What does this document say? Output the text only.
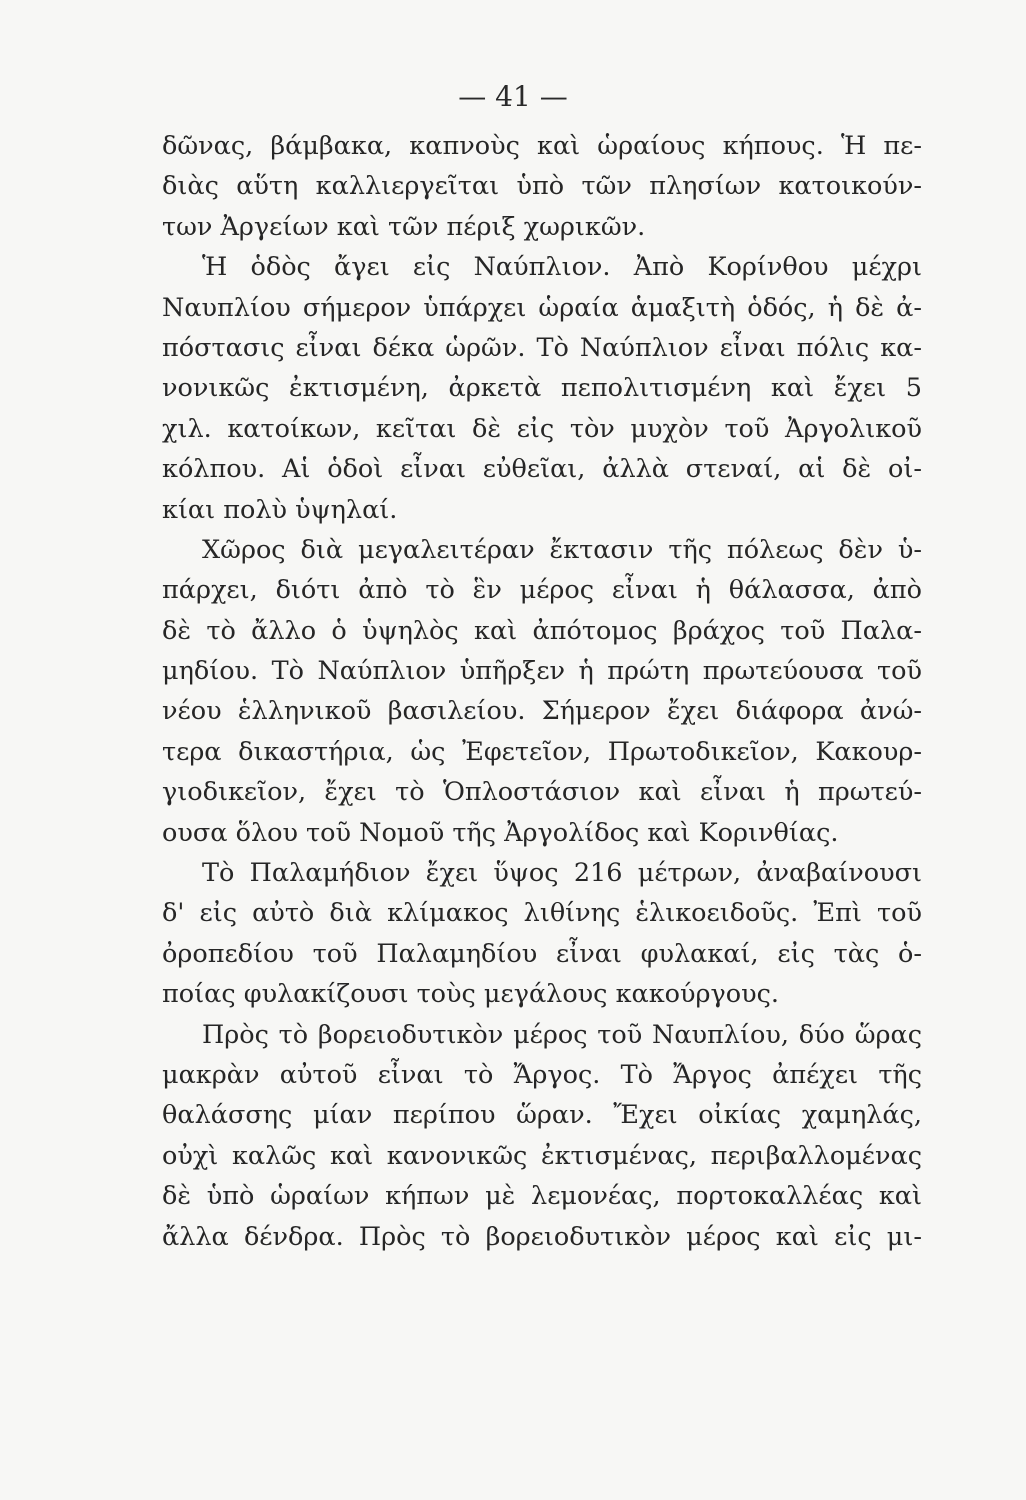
— 41 —
δῶνας, βάμβακα, καπνοὺς καὶ ὡραίους κήπους. Ἡ πε-
διὰς αὕτη καλλιεργεῖται ὑπὸ τῶν πλησίων κατοικούν-
των Ἀργείων καὶ τῶν πέριξ χωρικῶν.
Ἡ ὁδὸς ἄγει εἰς Ναύπλιον. Ἀπὸ Κορίνθου μέχρι
Ναυπλίου σήμερον ὑπάρχει ὡραία ἁμαξιτὴ ὁδός, ἡ δὲ ἀ-
πόστασις εἶναι δέκα ὡρῶν. Τὸ Ναύπλιον εἶναι πόλις κα-
νονικῶς ἐκτισμένη, ἀρκετὰ πεπολιτισμένη καὶ ἔχει 5
χιλ. κατοίκων, κεῖται δὲ εἰς τὸν μυχὸν τοῦ Ἀργολικοῦ
κόλπου. Αἱ ὁδοὶ εἶναι εὐθεῖαι, ἀλλὰ στεναί, αἱ δὲ οἰ-
κίαι πολὺ ὑψηλαί.
Χῶρος διὰ μεγαλειτέραν ἔκτασιν τῆς πόλεως δὲν ὑ-
πάρχει, διότι ἀπὸ τὸ ἓν μέρος εἶναι ἡ θάλασσα, ἀπὸ
δὲ τὸ ἄλλο ὁ ὑψηλὸς καὶ ἀπότομος βράχος τοῦ Παλα-
μηδίου. Τὸ Ναύπλιον ὑπῆρξεν ἡ πρώτη πρωτεύουσα τοῦ
νέου ἑλληνικοῦ βασιλείου. Σήμερον ἔχει διάφορα ἀνώ-
τερα δικαστήρια, ὡς Ἐφετεῖον, Πρωτοδικεῖον, Κακουρ-
γιοδικεῖον, ἔχει τὸ Ὁπλοστάσιον καὶ εἶναι ἡ πρωτεύ-
ουσα ὅλου τοῦ Νομοῦ τῆς Ἀργολίδος καὶ Κορινθίας.
Τὸ Παλαμήδιον ἔχει ὕψος 216 μέτρων, ἀναβαίνουσι
δ' εἰς αὐτὸ διὰ κλίμακος λιθίνης ἑλικοειδοῦς. Ἐπὶ τοῦ
ὀροπεδίου τοῦ Παλαμηδίου εἶναι φυλακαί, εἰς τὰς ὁ-
ποίας φυλακίζουσι τοὺς μεγάλους κακούργους.
Πρὸς τὸ βορειοδυτικὸν μέρος τοῦ Ναυπλίου, δύο ὥρας
μακρὰν αὐτοῦ εἶναι τὸ Ἄργος. Τὸ Ἄργος ἀπέχει τῆς
θαλάσσης μίαν περίπου ὥραν. Ἔχει οἰκίας χαμηλάς,
οὐχὶ καλῶς καὶ κανονικῶς ἐκτισμένας, περιβαλλομένας
δὲ ὑπὸ ὡραίων κήπων μὲ λεμονέας, πορτοκαλλέας καὶ
ἄλλα δένδρα. Πρὸς τὸ βορειοδυτικὸν μέρος καὶ εἰς μι-
